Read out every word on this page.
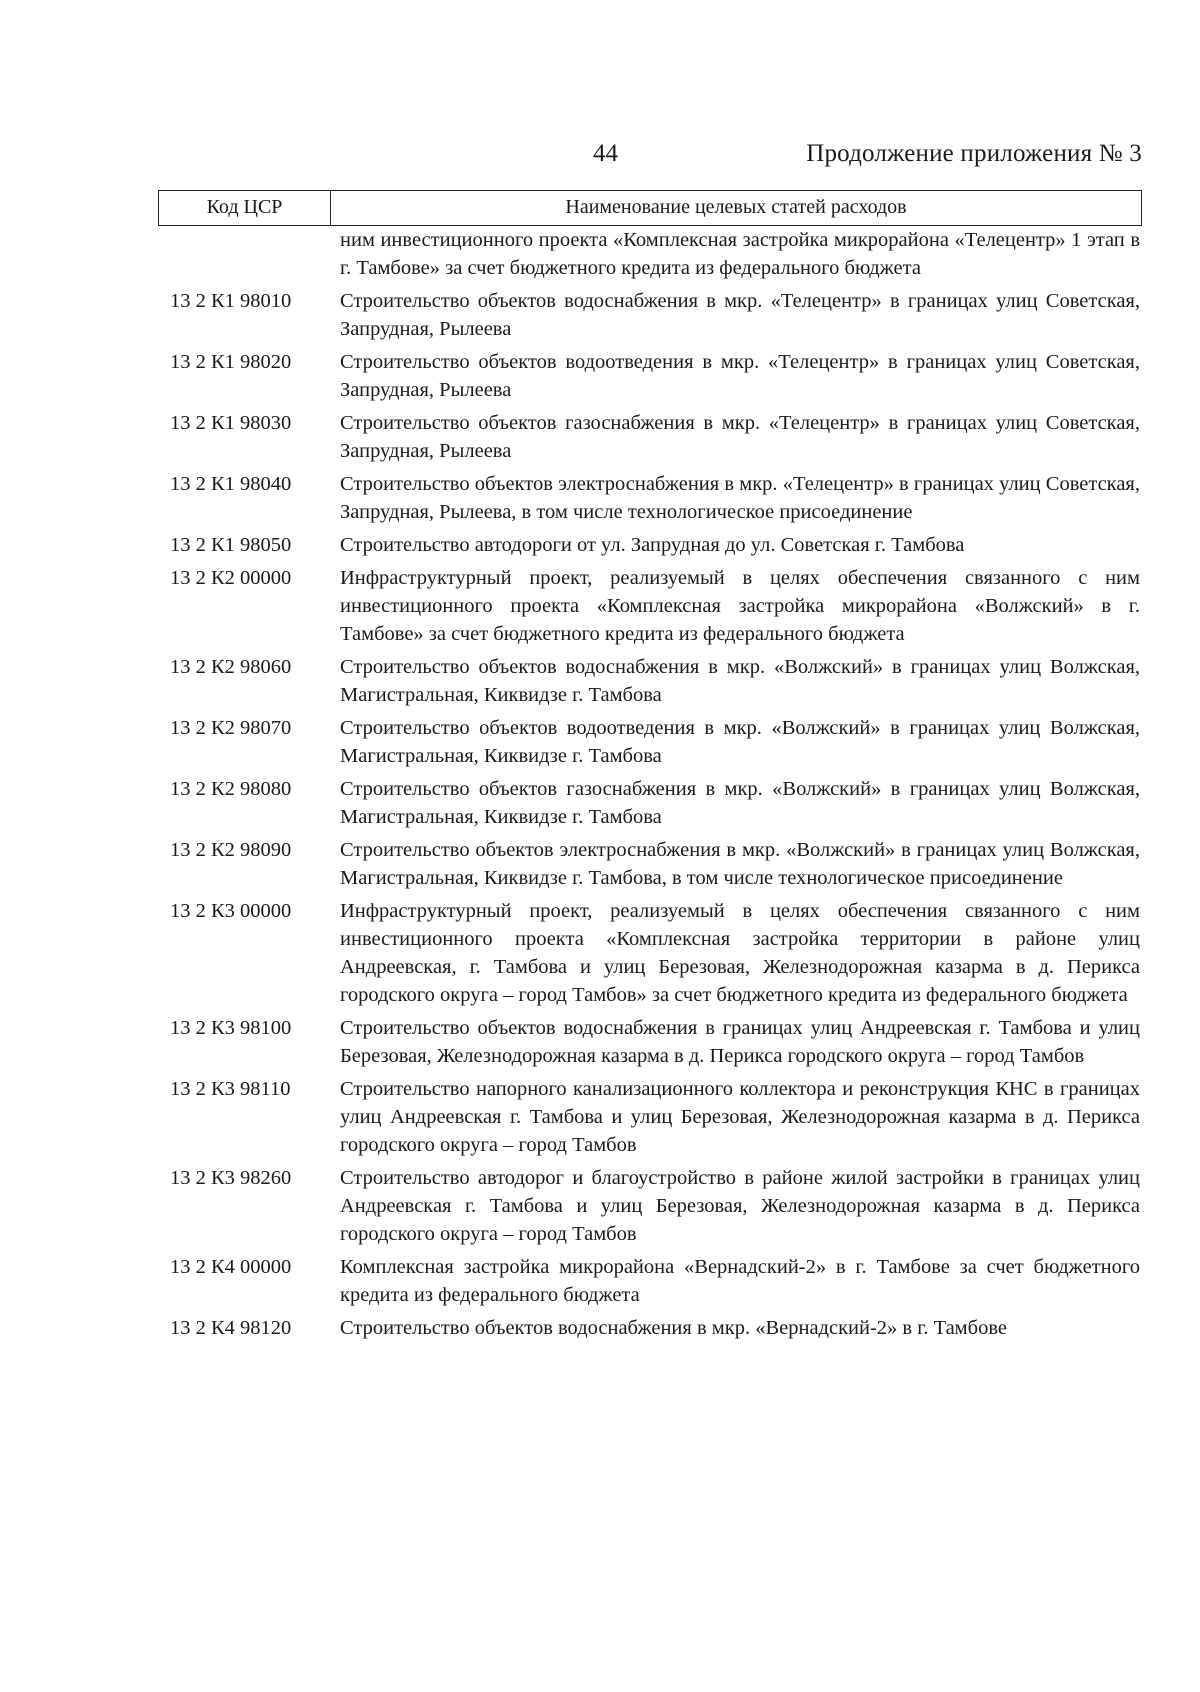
44	Продолжение приложения № 3
Код ЦСР	Наименование целевых статей расходов
ним инвестиционного проекта «Комплексная застройка микрорайона «Телецентр» 1 этап в г. Тамбове» за счет бюджетного кредита из федерального бюджета
13 2 К1 98010	Строительство объектов водоснабжения в мкр. «Телецентр» в границах улиц Советская, Запрудная, Рылеева
13 2 К1 98020	Строительство объектов водоотведения в мкр. «Телецентр» в границах улиц Советская, Запрудная, Рылеева
13 2 К1 98030	Строительство объектов газоснабжения в мкр. «Телецентр» в границах улиц Советская, Запрудная, Рылеева
13 2 К1 98040	Строительство объектов электроснабжения в мкр. «Телецентр» в границах улиц Советская, Запрудная, Рылеева, в том числе технологическое присоединение
13 2 К1 98050	Строительство автодороги от ул. Запрудная до ул. Советская г. Тамбова
13 2 К2 00000	Инфраструктурный проект, реализуемый в целях обеспечения связанного с ним инвестиционного проекта «Комплексная застройка микрорайона «Волжский» в г. Тамбове» за счет бюджетного кредита из федерального бюджета
13 2 К2 98060	Строительство объектов водоснабжения в мкр. «Волжский» в границах улиц Волжская, Магистральная, Киквидзе г. Тамбова
13 2 К2 98070	Строительство объектов водоотведения в мкр. «Волжский» в границах улиц Волжская, Магистральная, Киквидзе г. Тамбова
13 2 К2 98080	Строительство объектов газоснабжения в мкр. «Волжский» в границах улиц Волжская, Магистральная, Киквидзе г. Тамбова
13 2 К2 98090	Строительство объектов электроснабжения в мкр. «Волжский» в границах улиц Волжская, Магистральная, Киквидзе г. Тамбова, в том числе технологическое присоединение
13 2 К3 00000	Инфраструктурный проект, реализуемый в целях обеспечения связанного с ним инвестиционного проекта «Комплексная застройка территории в районе улиц Андреевская, г. Тамбова и улиц Березовая, Железнодорожная казарма в д. Перикса городского округа – город Тамбов» за счет бюджетного кредита из федерального бюджета
13 2 К3 98100	Строительство объектов водоснабжения в границах улиц Андреевская г. Тамбова и улиц Березовая, Железнодорожная казарма в д. Перикса городского округа – город Тамбов
13 2 К3 98110	Строительство напорного канализационного коллектора и реконструкция КНС в границах улиц Андреевская г. Тамбова и улиц Березовая, Железнодорожная казарма в д. Перикса городского округа – город Тамбов
13 2 К3 98260	Строительство автодорог и благоустройство в районе жилой застройки в границах улиц Андреевская г. Тамбова и улиц Березовая, Железнодорожная казарма в д. Перикса городского округа – город Тамбов
13 2 К4 00000	Комплексная застройка микрорайона «Вернадский-2» в г. Тамбове за счет бюджетного кредита из федерального бюджета
13 2 К4 98120	Строительство объектов водоснабжения в мкр. «Вернадский-2» в г. Тамбове
